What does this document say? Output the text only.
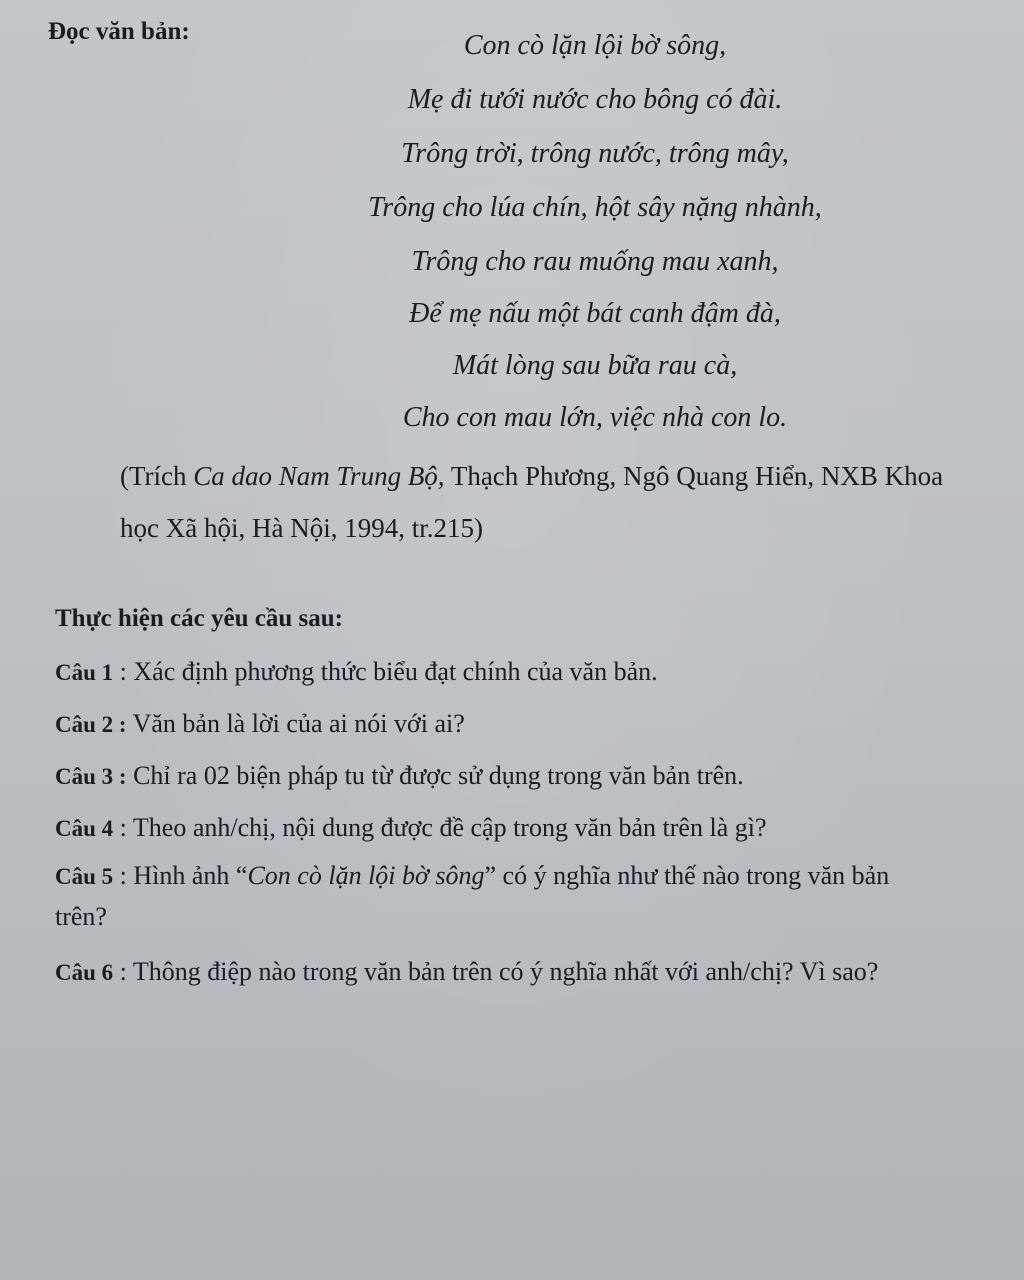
Đọc văn bản:	Con cò lặn lội bờ sông,
Mẹ đi tưới nước cho bông có đài.
Trông trời, trông nước, trông mây,
Trông cho lúa chín, hột sây nặng nhành,
Trông cho rau muống mau xanh,
Để mẹ nấu một bát canh đậm đà,
Mát lòng sau bữa rau cà,
Cho con mau lớn, việc nhà con lo.
(Trích Ca dao Nam Trung Bộ, Thạch Phương, Ngô Quang Hiển, NXB Khoa
học Xã hội, Hà Nội, 1994, tr.215)
Thực hiện các yêu cầu sau:
Câu 1 : Xác định phương thức biểu đạt chính của văn bản.
Câu 2 : Văn bản là lời của ai nói với ai?
Câu 3 : Chỉ ra 02 biện pháp tu từ được sử dụng trong văn bản trên.
Câu 4 : Theo anh/chị, nội dung được đề cập trong văn bản trên là gì?
Câu 5 : Hình ảnh “Con cò lặn lội bờ sông” có ý nghĩa như thế nào trong văn bản
trên?
Câu 6 : Thông điệp nào trong văn bản trên có ý nghĩa nhất với anh/chị? Vì sao?
